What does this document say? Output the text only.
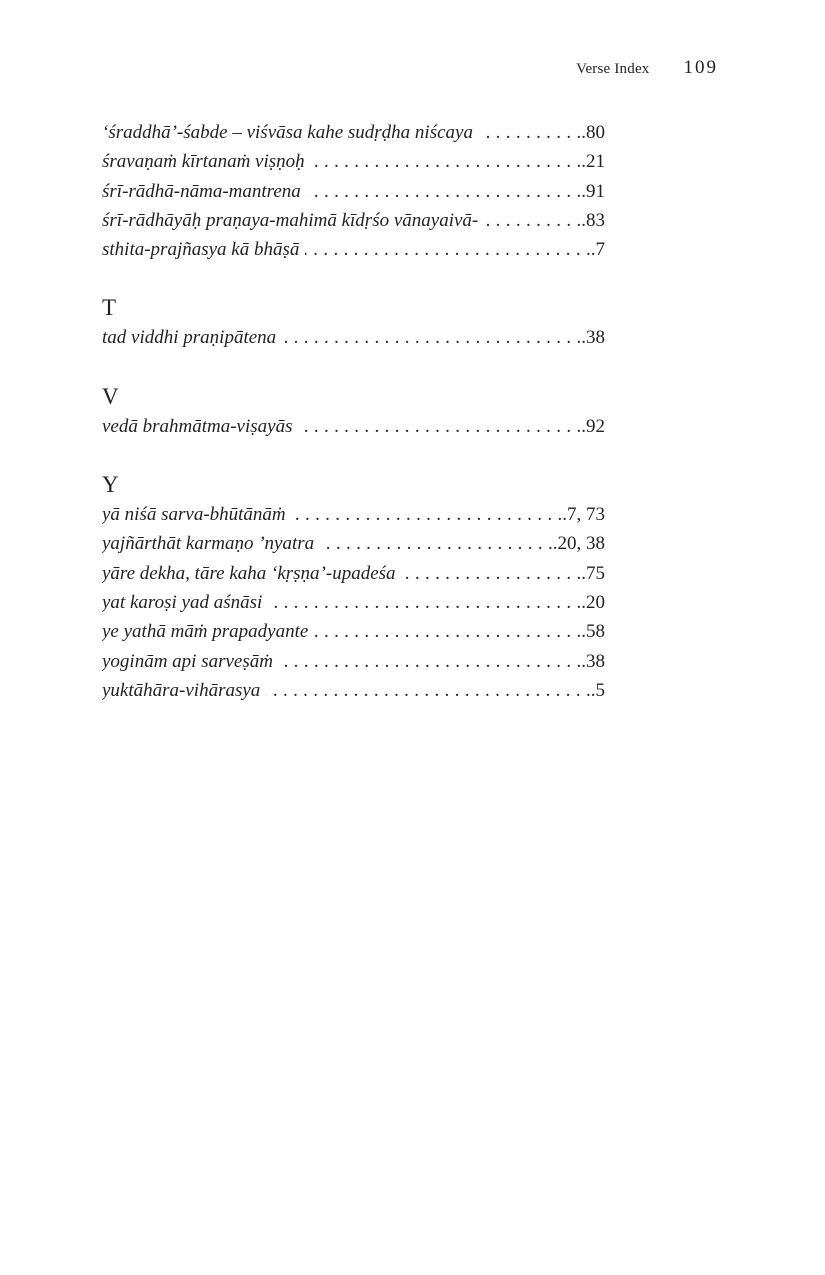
Verse Index 109
‘śraddhā’-śabde – viśvāsa kahe sudṛḍha niścaya . . .	.80
śravaṇaṁ kīrtanaṁ viṣṇoḥ . . .	.21
śrī-rādhā-nāma-mantrena . . .	.91
śrī-rādhāyāḥ praṇaya-mahimā kīdṛśo vānayaivā- . . .	.83
sthita-prajñasya kā bhāṣā . . .	.7
T
tad viddhi praṇipātena . . .	.38
V
vedā brahmātma-viṣayās . . .	.92
Y
yā niśā sarva-bhūtānāṁ . . .	.7, 73
yajñārthāt karmaṇo ’nyatra . . .	.20, 38
yāre dekha, tāre kaha ‘kṛṣṇa’-upadeśa . . .	.75
yat karoṣi yad aśnāsi . . .	.20
ye yathā māṁ prapadyante . . .	.58
yoginām api sarveṣāṁ . . .	.38
yuktāhāra-vihārasya . . .	.5
